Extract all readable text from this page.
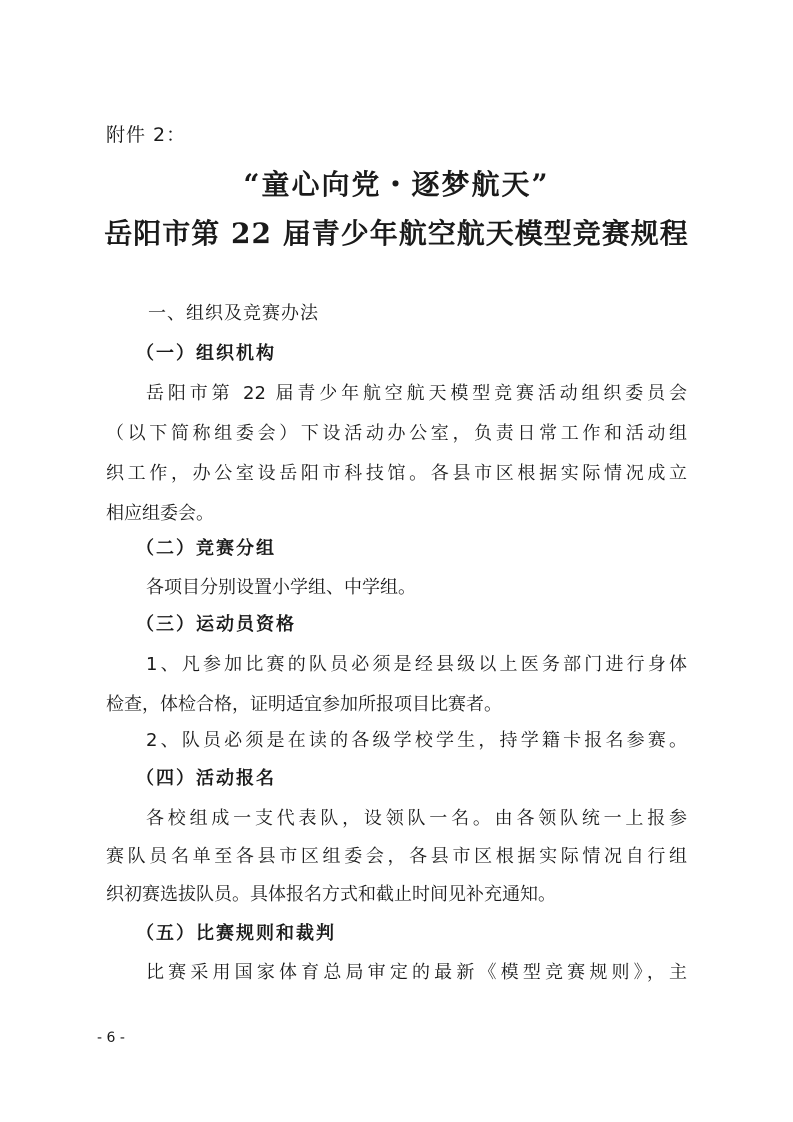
附件 2：
“童心向党・逐梦航天”
岳阳市第 22 届青少年航空航天模型竞赛规程
一、组织及竞赛办法
（一）组织机构
岳阳市第 22 届青少年航空航天模型竞赛活动组织委员会
（以下简称组委会）下设活动办公室，负责日常工作和活动组
织工作，办公室设岳阳市科技馆。各县市区根据实际情况成立
相应组委会。
（二）竞赛分组
各项目分别设置小学组、中学组。
（三）运动员资格
1、凡参加比赛的队员必须是经县级以上医务部门进行身体
检查，体检合格，证明适宜参加所报项目比赛者。
2、队员必须是在读的各级学校学生，持学籍卡报名参赛。
（四）活动报名
各校组成一支代表队，设领队一名。由各领队统一上报参
赛队员名单至各县市区组委会，各县市区根据实际情况自行组
织初赛选拔队员。具体报名方式和截止时间见补充通知。
（五）比赛规则和裁判
比赛采用国家体育总局审定的最新《模型竞赛规则》，主
- 6 -
